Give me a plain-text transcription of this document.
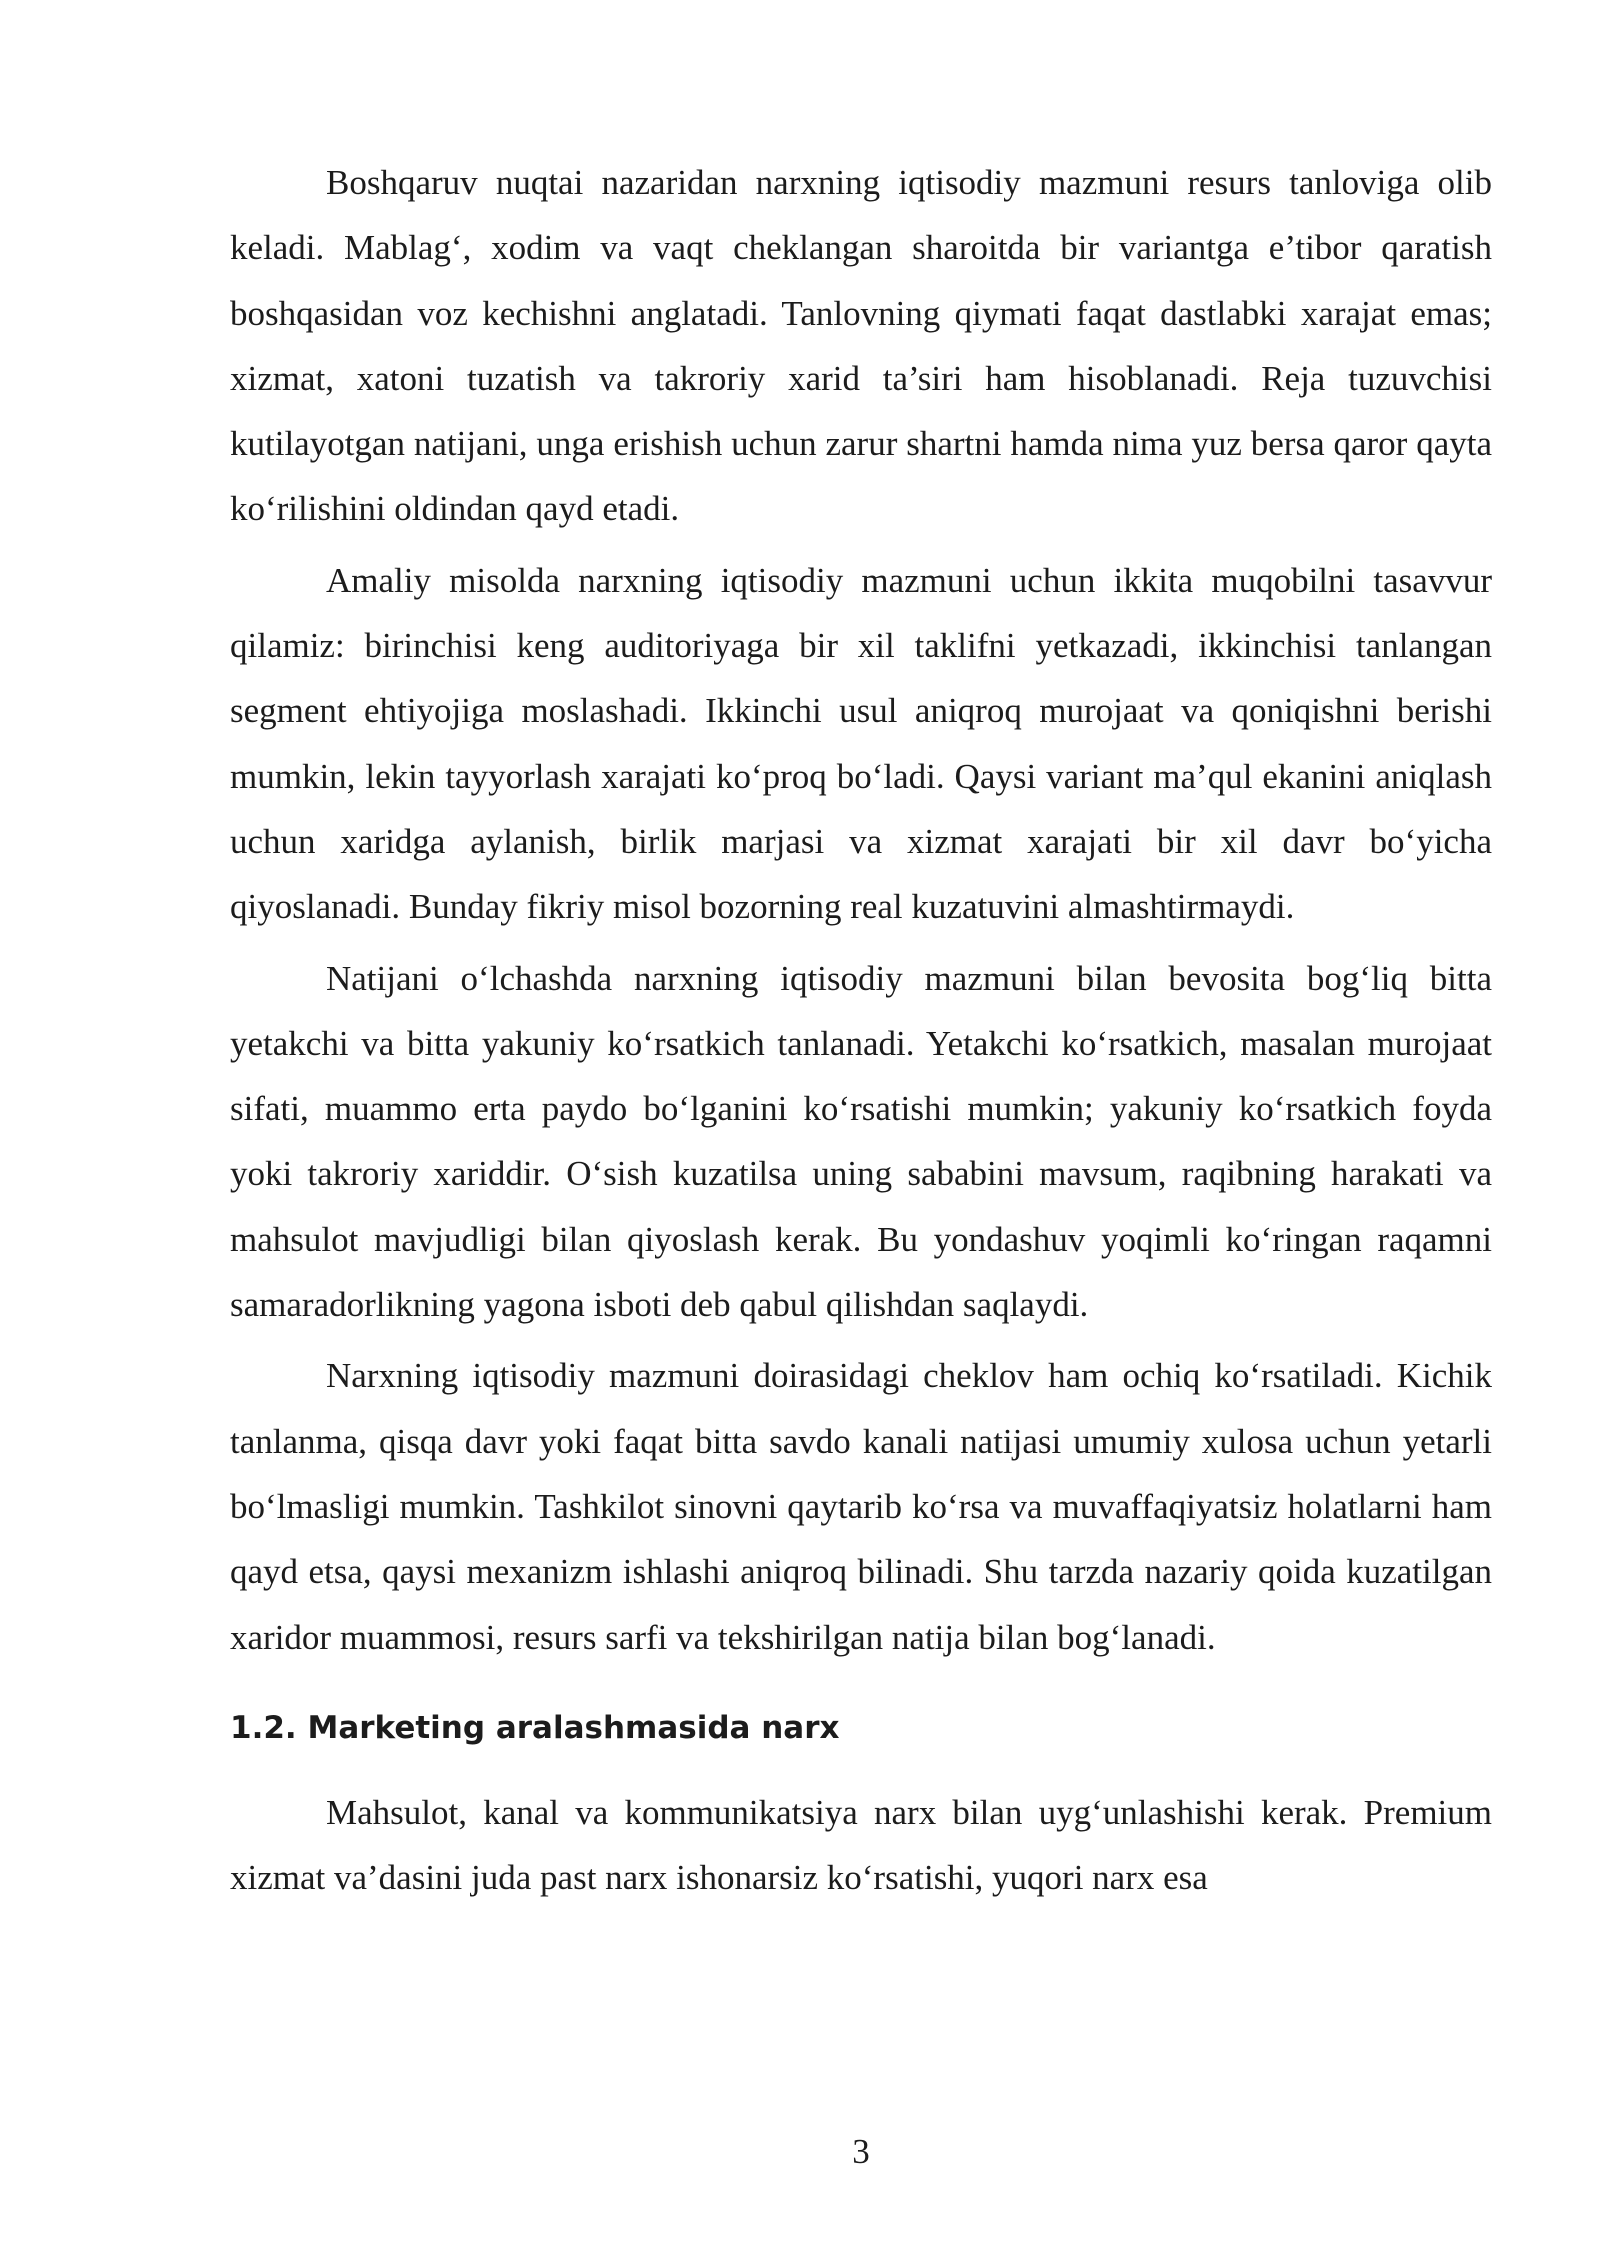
Boshqaruv nuqtai nazaridan narxning iqtisodiy mazmuni resurs tanloviga olib keladi. Mablag‘, xodim va vaqt cheklangan sharoitda bir variantga e’tibor qaratish boshqasidan voz kechishni anglatadi. Tanlovning qiymati faqat dastlabki xarajat emas; xizmat, xatoni tuzatish va takroriy xarid ta’siri ham hisoblanadi. Reja tuzuvchisi kutilayotgan natijani, unga erishish uchun zarur shartni hamda nima yuz bersa qaror qayta ko‘rilishini oldindan qayd etadi.

Amaliy misolda narxning iqtisodiy mazmuni uchun ikkita muqobilni tasavvur qilamiz: birinchisi keng auditoriyaga bir xil taklifni yetkazadi, ikkinchisi tanlangan segment ehtiyojiga moslashadi. Ikkinchi usul aniqroq murojaat va qoniqishni berishi mumkin, lekin tayyorlash xarajati ko‘proq bo‘ladi. Qaysi variant ma’qul ekanini aniqlash uchun xaridga aylanish, birlik marjasi va xizmat xarajati bir xil davr bo‘yicha qiyoslanadi. Bunday fikriy misol bozorning real kuzatuvini almashtirmaydi.

Natijani o‘lchashda narxning iqtisodiy mazmuni bilan bevosita bog‘liq bitta yetakchi va bitta yakuniy ko‘rsatkich tanlanadi. Yetakchi ko‘rsatkich, masalan murojaat sifati, muammo erta paydo bo‘lganini ko‘rsatishi mumkin; yakuniy ko‘rsatkich foyda yoki takroriy xariddir. O‘sish kuzatilsa uning sababini mavsum, raqibning harakati va mahsulot mavjudligi bilan qiyoslash kerak. Bu yondashuv yoqimli ko‘ringan raqamni samaradorlikning yagona isboti deb qabul qilishdan saqlaydi.

Narxning iqtisodiy mazmuni doirasidagi cheklov ham ochiq ko‘rsatiladi. Kichik tanlanma, qisqa davr yoki faqat bitta savdo kanali natijasi umumiy xulosa uchun yetarli bo‘lmasligi mumkin. Tashkilot sinovni qaytarib ko‘rsa va muvaffaqiyatsiz holatlarni ham qayd etsa, qaysi mexanizm ishlashi aniqroq bilinadi. Shu tarzda nazariy qoida kuzatilgan xaridor muammosi, resurs sarfi va tekshirilgan natija bilan bog‘lanadi.

1.2. Marketing aralashmasida narx

Mahsulot, kanal va kommunikatsiya narx bilan uyg‘unlashishi kerak. Premium xizmat va’dasini juda past narx ishonarsiz ko‘rsatishi, yuqori narx esa

3
